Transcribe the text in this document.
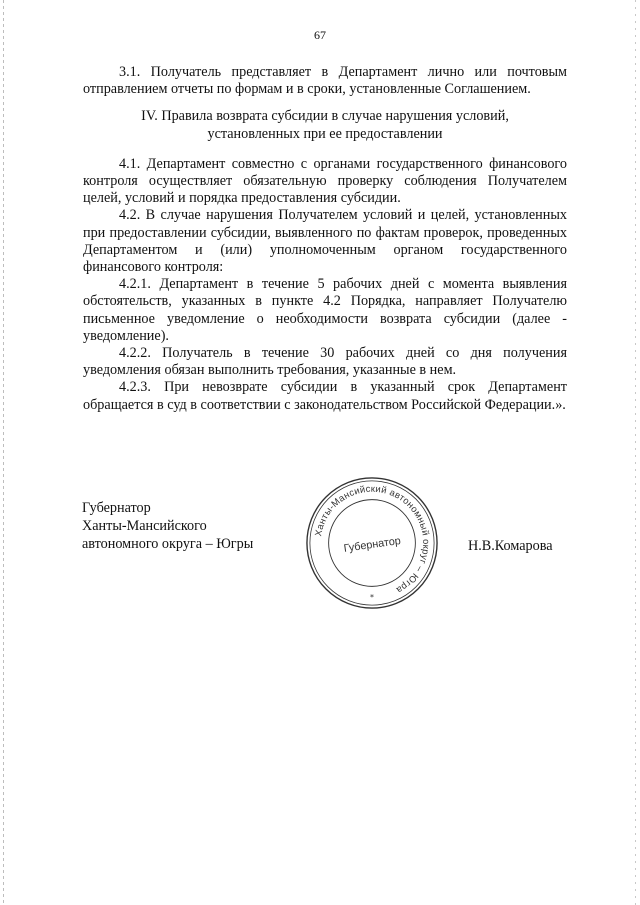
67

3.1. Получатель представляет в Департамент лично или почтовым отправлением отчеты по формам и в сроки, установленные Соглашением.

IV. Правила возврата субсидии в случае нарушения условий,
установленных при ее предоставлении

4.1. Департамент совместно с органами государственного финансового контроля осуществляет обязательную проверку соблюдения Получателем целей, условий и порядка предоставления субсидии.

4.2. В случае нарушения Получателем условий и целей, установленных при предоставлении субсидии, выявленного по фактам проверок, проведенных Департаментом и (или) уполномоченным органом государственного финансового контроля:

4.2.1. Департамент в течение 5 рабочих дней с момента выявления обстоятельств, указанных в пункте 4.2 Порядка, направляет Получателю письменное уведомление о необходимости возврата субсидии (далее - уведомление).

4.2.2. Получатель в течение 30 рабочих дней со дня получения уведомления обязан выполнить требования, указанные в нем.

4.2.3. При невозврате субсидии в указанный срок Департамент обращается в суд в соответствии с законодательством Российской Федерации.».

Губернатор
Ханты-Мансийского
автономного округа – Югры
Ханты-Мансийский автономный округ – Югра
Губернатор
*
Н.В.Комарова
